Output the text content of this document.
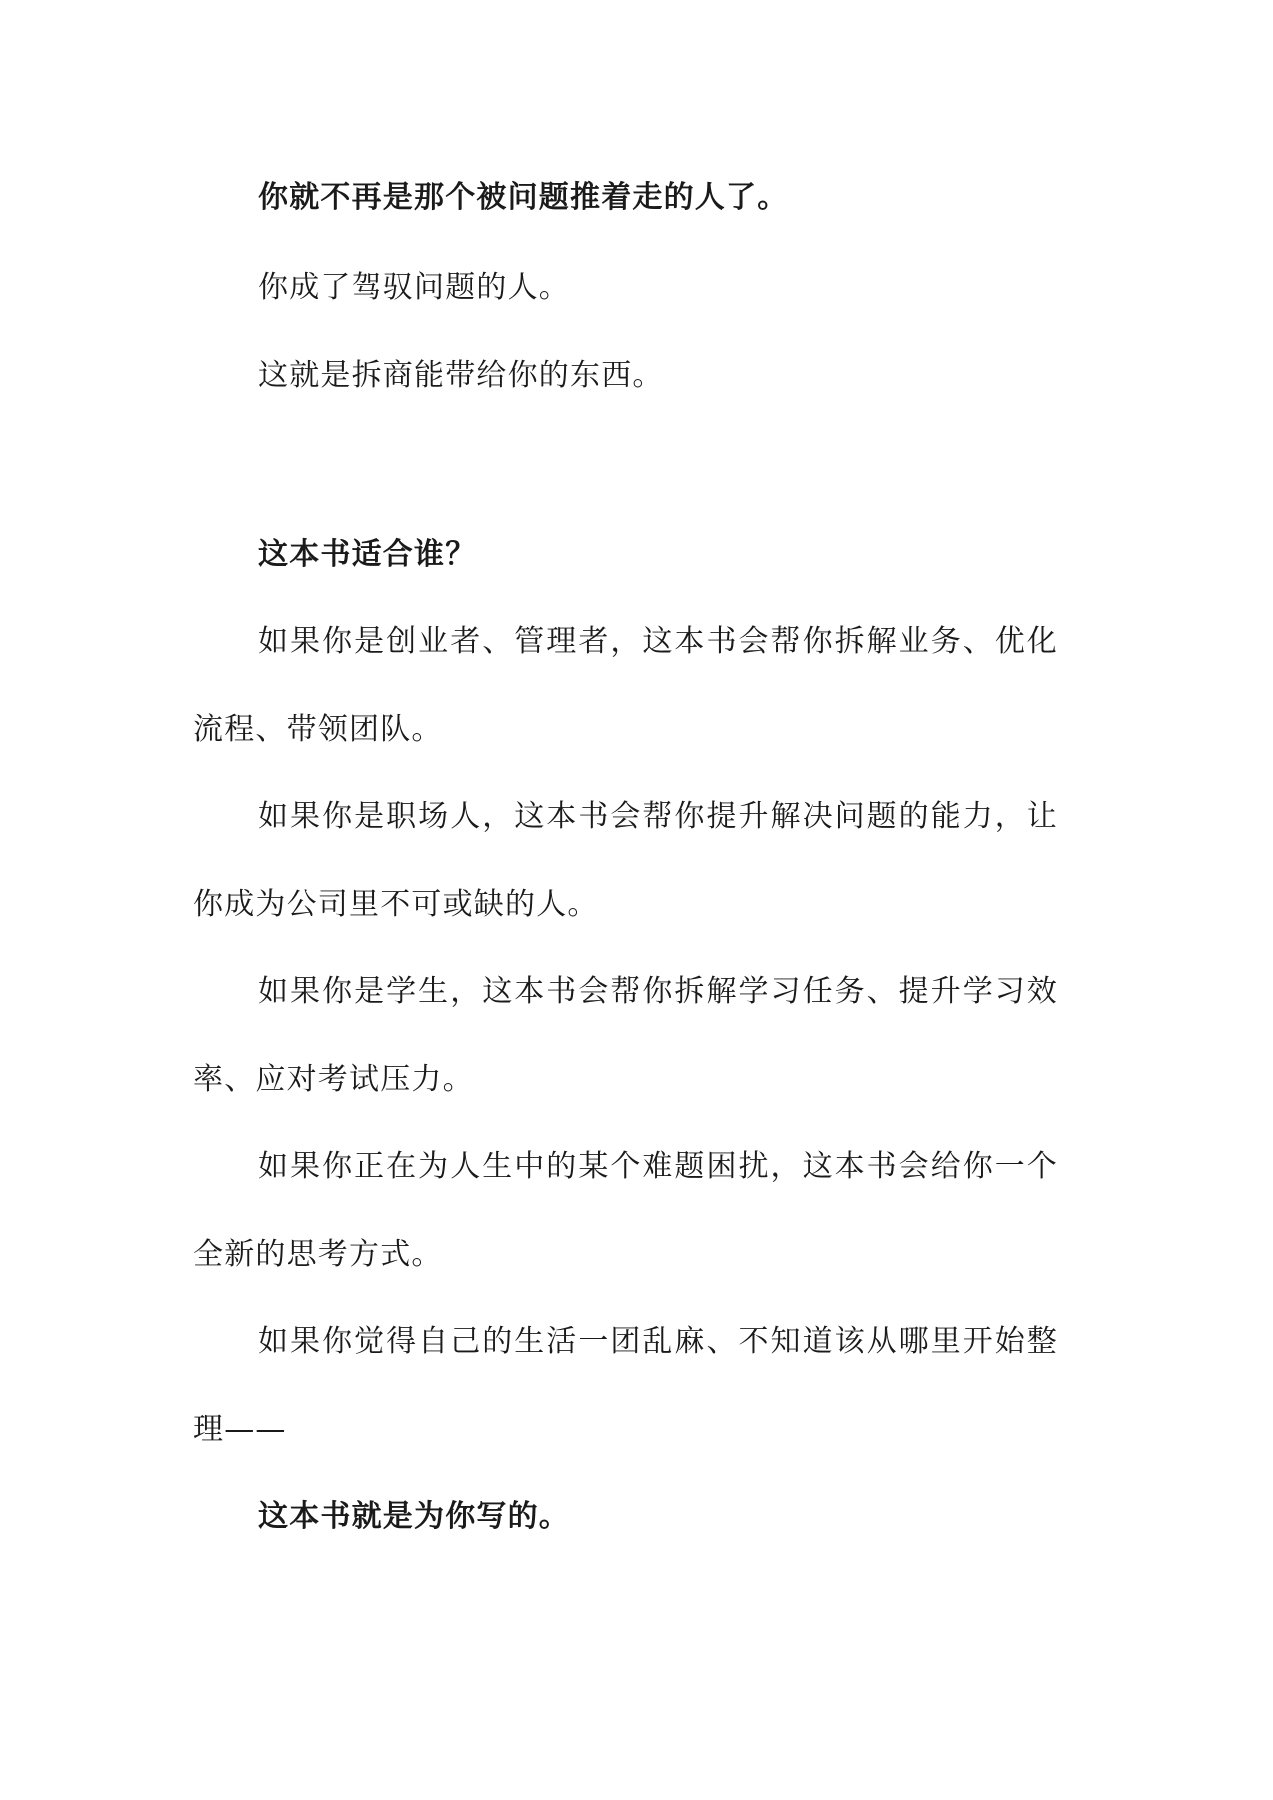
你就不再是那个被问题推着走的人了。

你成了驾驭问题的人。

这就是拆商能带给你的东西。

这本书适合谁？

如果你是创业者、管理者，这本书会帮你拆解业务、优化

流程、带领团队。

如果你是职场人，这本书会帮你提升解决问题的能力，让

你成为公司里不可或缺的人。

如果你是学生，这本书会帮你拆解学习任务、提升学习效

率、应对考试压力。

如果你正在为人生中的某个难题困扰，这本书会给你一个

全新的思考方式。

如果你觉得自己的生活一团乱麻、不知道该从哪里开始整

理——

这本书就是为你写的。
